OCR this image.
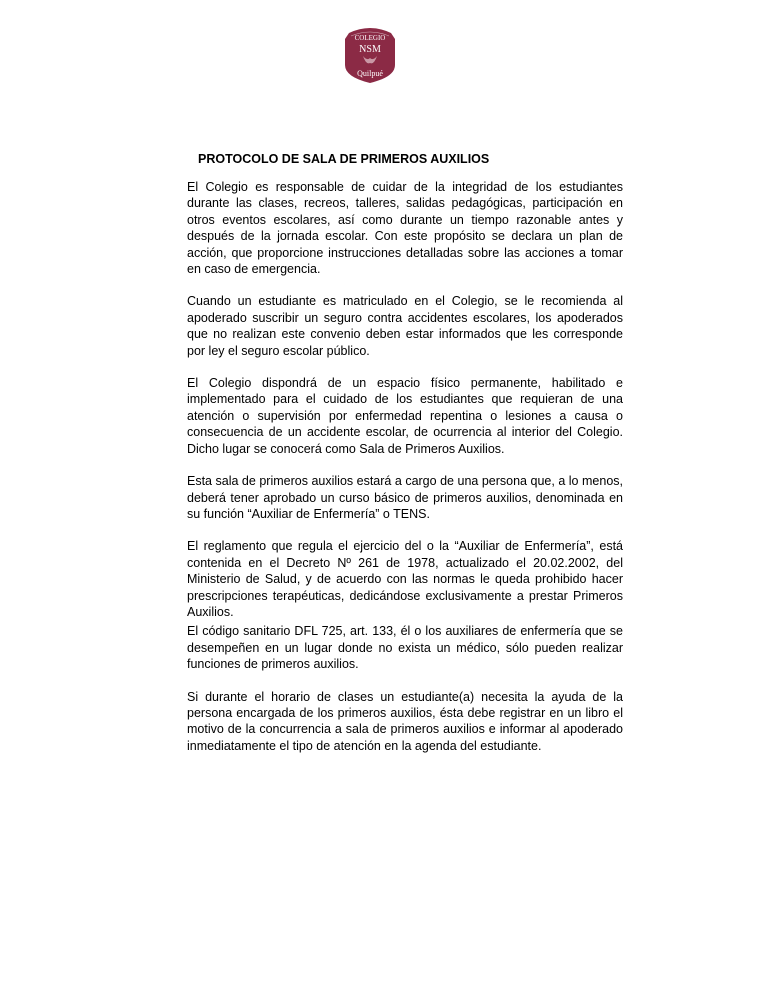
COLEGIO
NSM
Quilpué
PROTOCOLO DE SALA DE PRIMEROS AUXILIOS

El Colegio es responsable de cuidar de la integridad de los estudiantes durante las clases, recreos, talleres, salidas pedagógicas, participación en otros eventos escolares, así como durante un tiempo razonable antes y después de la jornada escolar. Con este propósito se declara un plan de acción, que proporcione instrucciones detalladas sobre las acciones a tomar en caso de emergencia.

Cuando un estudiante es matriculado en el Colegio, se le recomienda al apoderado suscribir un seguro contra accidentes escolares, los apoderados que no realizan este convenio deben estar informados que les corresponde por ley el seguro escolar público.

El Colegio dispondrá de un espacio físico permanente, habilitado e implementado para el cuidado de los estudiantes que requieran de una atención o supervisión por enfermedad repentina o lesiones a causa o consecuencia de un accidente escolar, de ocurrencia al interior del Colegio. Dicho lugar se conocerá como Sala de Primeros Auxilios.

Esta sala de primeros auxilios estará a cargo de una persona que, a lo menos, deberá tener aprobado un curso básico de primeros auxilios, denominada en su función “Auxiliar de Enfermería” o TENS.

El reglamento que regula el ejercicio del o la “Auxiliar de Enfermería”, está contenida en el Decreto Nº 261 de 1978, actualizado el 20.02.2002, del Ministerio de Salud, y de acuerdo con las normas le queda prohibido hacer prescripciones terapéuticas, dedicándose exclusivamente a prestar Primeros Auxilios.

El código sanitario DFL 725, art. 133, él o los auxiliares de enfermería que se desempeñen en un lugar donde no exista un médico, sólo pueden realizar funciones de primeros auxilios.

Si durante el horario de clases un estudiante(a) necesita la ayuda de la persona encargada de los primeros auxilios, ésta debe registrar en un libro el motivo de la concurrencia a sala de primeros auxilios e informar al apoderado inmediatamente el tipo de atención en la agenda del estudiante.
